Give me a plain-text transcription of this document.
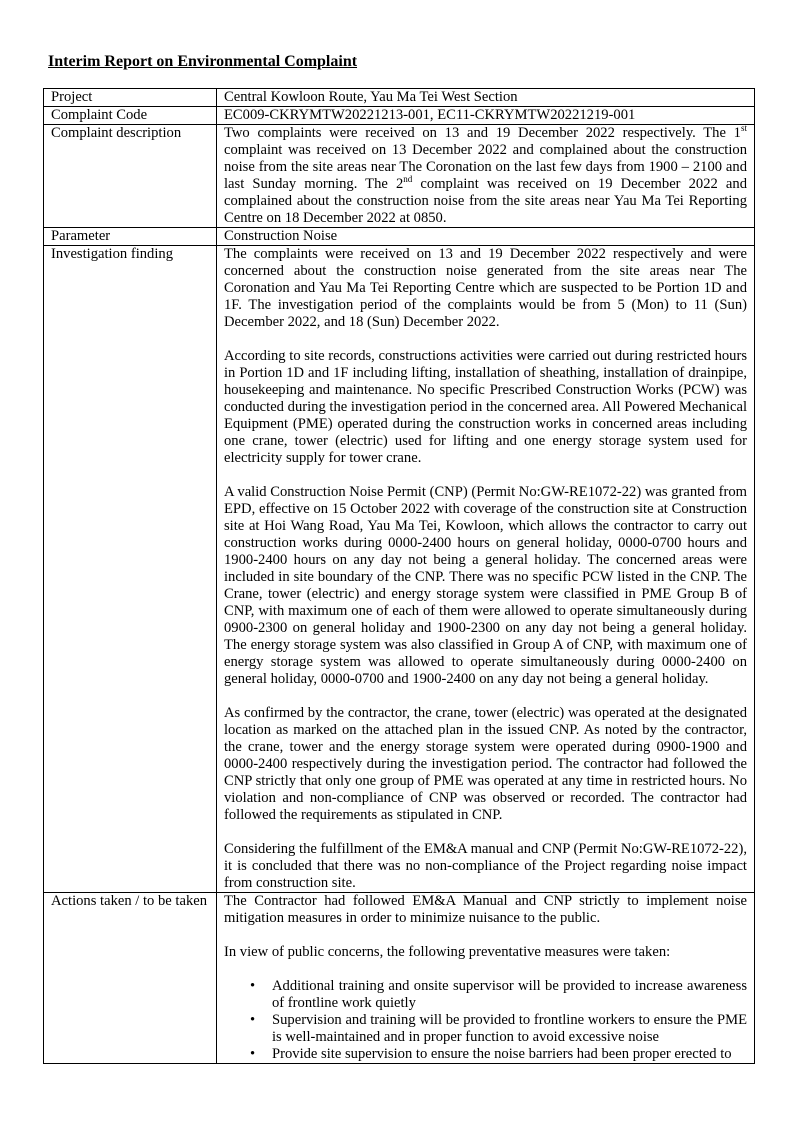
Interim Report on Environmental Complaint
Project	Central Kowloon Route, Yau Ma Tei West Section
Complaint Code	EC009-CKRYMTW20221213-001, EC11-CKRYMTW20221219-001
Complaint description	Two complaints were received on 13 and 19 December 2022 respectively. The 1st complaint was received on 13 December 2022 and complained about the construction noise from the site areas near The Coronation on the last few days from 1900 – 2100 and last Sunday morning. The 2nd complaint was received on 19 December 2022 and complained about the construction noise from the site areas near Yau Ma Tei Reporting Centre on 18 December 2022 at 0850.

Parameter	Construction Noise
Investigation finding	The complaints were received on 13 and 19 December 2022 respectively and were concerned about the construction noise generated from the site areas near The Coronation and Yau Ma Tei Reporting Centre which are suspected to be Portion 1D and 1F. The investigation period of the complaints would be from 5 (Mon) to 11 (Sun) December 2022, and 18 (Sun) December 2022.

According to site records, constructions activities were carried out during restricted hours in Portion 1D and 1F including lifting, installation of sheathing, installation of drainpipe, housekeeping and maintenance. No specific Prescribed Construction Works (PCW) was conducted during the investigation period in the concerned area. All Powered Mechanical Equipment (PME) operated during the construction works in concerned areas including one crane, tower (electric) used for lifting and one energy storage system used for electricity supply for tower crane.

A valid Construction Noise Permit (CNP) (Permit No:GW-RE1072-22) was granted from EPD, effective on 15 October 2022 with coverage of the construction site at Construction site at Hoi Wang Road, Yau Ma Tei, Kowloon, which allows the contractor to carry out construction works during 0000-2400 hours on general holiday, 0000-0700 hours and 1900-2400 hours on any day not being a general holiday. The concerned areas were included in site boundary of the CNP. There was no specific PCW listed in the CNP. The Crane, tower (electric) and energy storage system were classified in PME Group B of CNP, with maximum one of each of them were allowed to operate simultaneously during 0900-2300 on general holiday and 1900-2300 on any day not being a general holiday. The energy storage system was also classified in Group A of CNP, with maximum one of energy storage system was allowed to operate simultaneously during 0000-2400 on general holiday, 0000-0700 and 1900-2400 on any day not being a general holiday.

As confirmed by the contractor, the crane, tower (electric) was operated at the designated location as marked on the attached plan in the issued CNP. As noted by the contractor, the crane, tower and the energy storage system were operated during 0900-1900 and 0000-2400 respectively during the investigation period. The contractor had followed the CNP strictly that only one group of PME was operated at any time in restricted hours. No violation and non-compliance of CNP was observed or recorded. The contractor had followed the requirements as stipulated in CNP.

Considering the fulfillment of the EM&A manual and CNP (Permit No:GW-RE1072-22), it is concluded that there was no non-compliance of the Project regarding noise impact from construction site.

Actions taken / to be taken	The Contractor had followed EM&A Manual and CNP strictly to implement noise mitigation measures in order to minimize nuisance to the public.

In view of public concerns, the following preventative measures were taken:

• Additional training and onsite supervisor will be provided to increase awareness of frontline work quietly
• Supervision and training will be provided to frontline workers to ensure the PME is well-maintained and in proper function to avoid excessive noise
• Provide site supervision to ensure the noise barriers had been proper erected to
